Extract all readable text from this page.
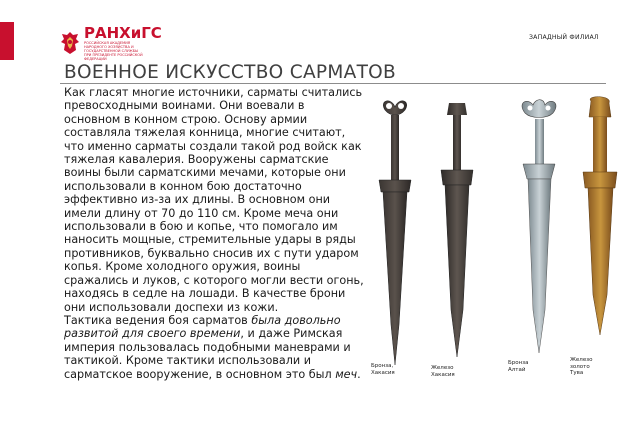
РАНХиГС
РОССИЙСКАЯ АКАДЕМИЯ НАРОДНОГО ХОЗЯЙСТВА И ГОСУДАРСТВЕННОЙ СЛУЖБЫ ПРИ ПРЕЗИДЕНТЕ РОССИЙСКОЙ ФЕДЕРАЦИИ
ЗАПАДНЫЙ ФИЛИАЛ
ВОЕННОЕ ИСКУССТВО САРМАТОВ

Как гласят многие источники, сарматы считались превосходными воинами. Они воевали в основном в конном строю. Основу армии составляла тяжелая конница, многие считают, что именно сарматы создали такой род войск как тяжелая кавалерия. Вооружены сарматские воины были сарматскими мечами, которые они использовали в конном бою достаточно эффективно из-за их длины. В основном они имели длину от 70 до 110 см. Кроме меча они использовали в бою и копье, что помогало им наносить мощные, стремительные удары в ряды противников, буквально сносив их с пути ударом копья. Кроме холодного оружия, воины сражались и луков, с которого могли вести огонь, находясь в седле на лошади. В качестве брони они использовали доспехи из кожи.

Тактика ведения боя сарматов была довольно развитой для своего времени, и даже Римская империя пользовалась подобными маневрами и тактикой. Кроме тактики использовали и сарматское вооружение, в основном это был меч.

Бронза,
Хакасия
Железо
Хакасия
Бронза
Алтай
Железо
золото
Тува
